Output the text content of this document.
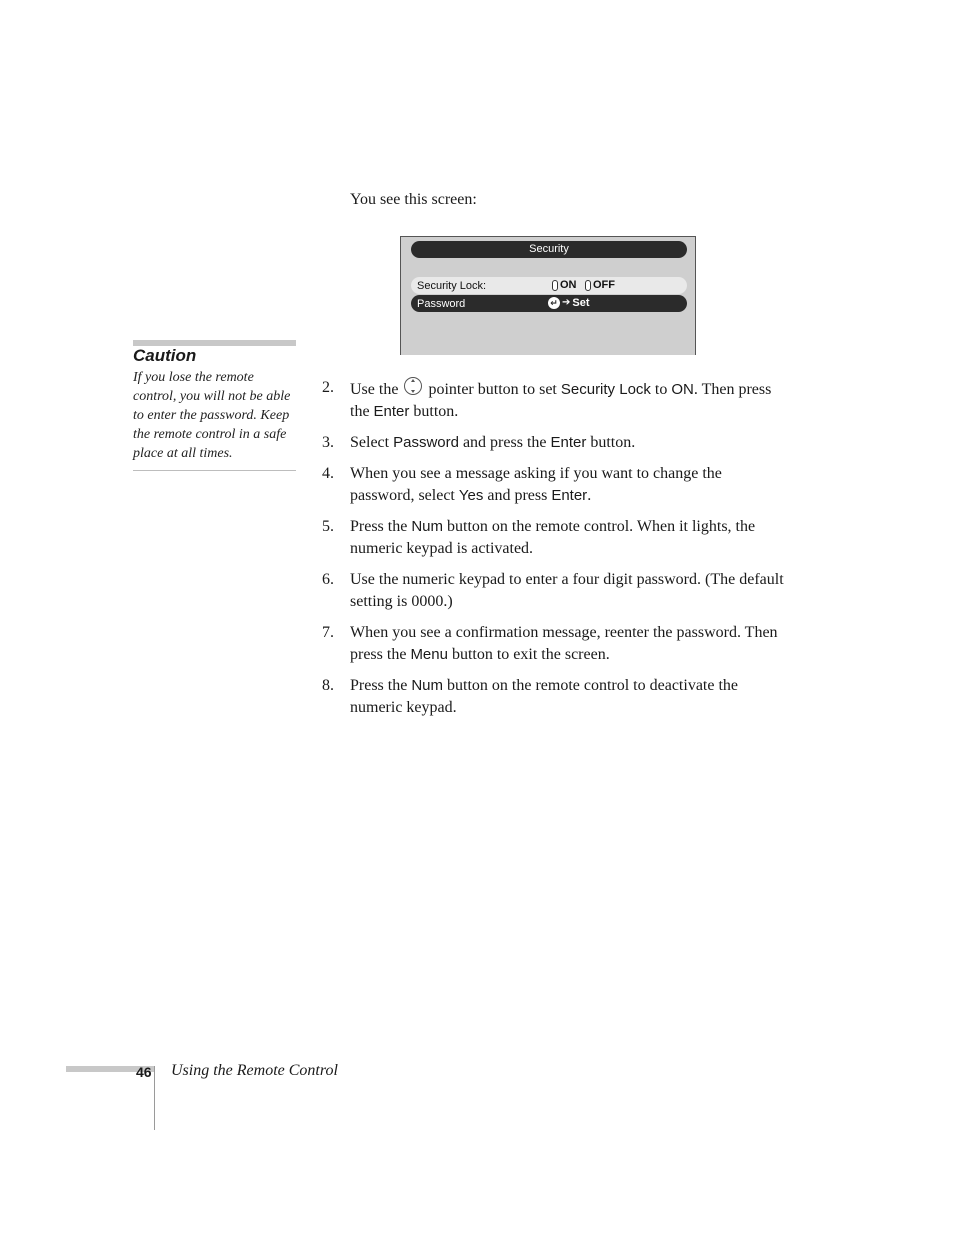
You see this screen:
Security
Security Lock:	ON OFF
Password	↵ ➔ Set
Caution
If you lose the remote control, you will not be able to enter the password. Keep the remote control in a safe place at all times.
2. Use the pointer button to set Security Lock to ON. Then press the Enter button.
3. Select Password and press the Enter button.
4. When you see a message asking if you want to change the password, select Yes and press Enter.
5. Press the Num button on the remote control. When it lights, the numeric keypad is activated.
6. Use the numeric keypad to enter a four digit password. (The default setting is 0000.)
7. When you see a confirmation message, reenter the password. Then press the Menu button to exit the screen.
8. Press the Num button on the remote control to deactivate the numeric keypad.
46 Using the Remote Control
